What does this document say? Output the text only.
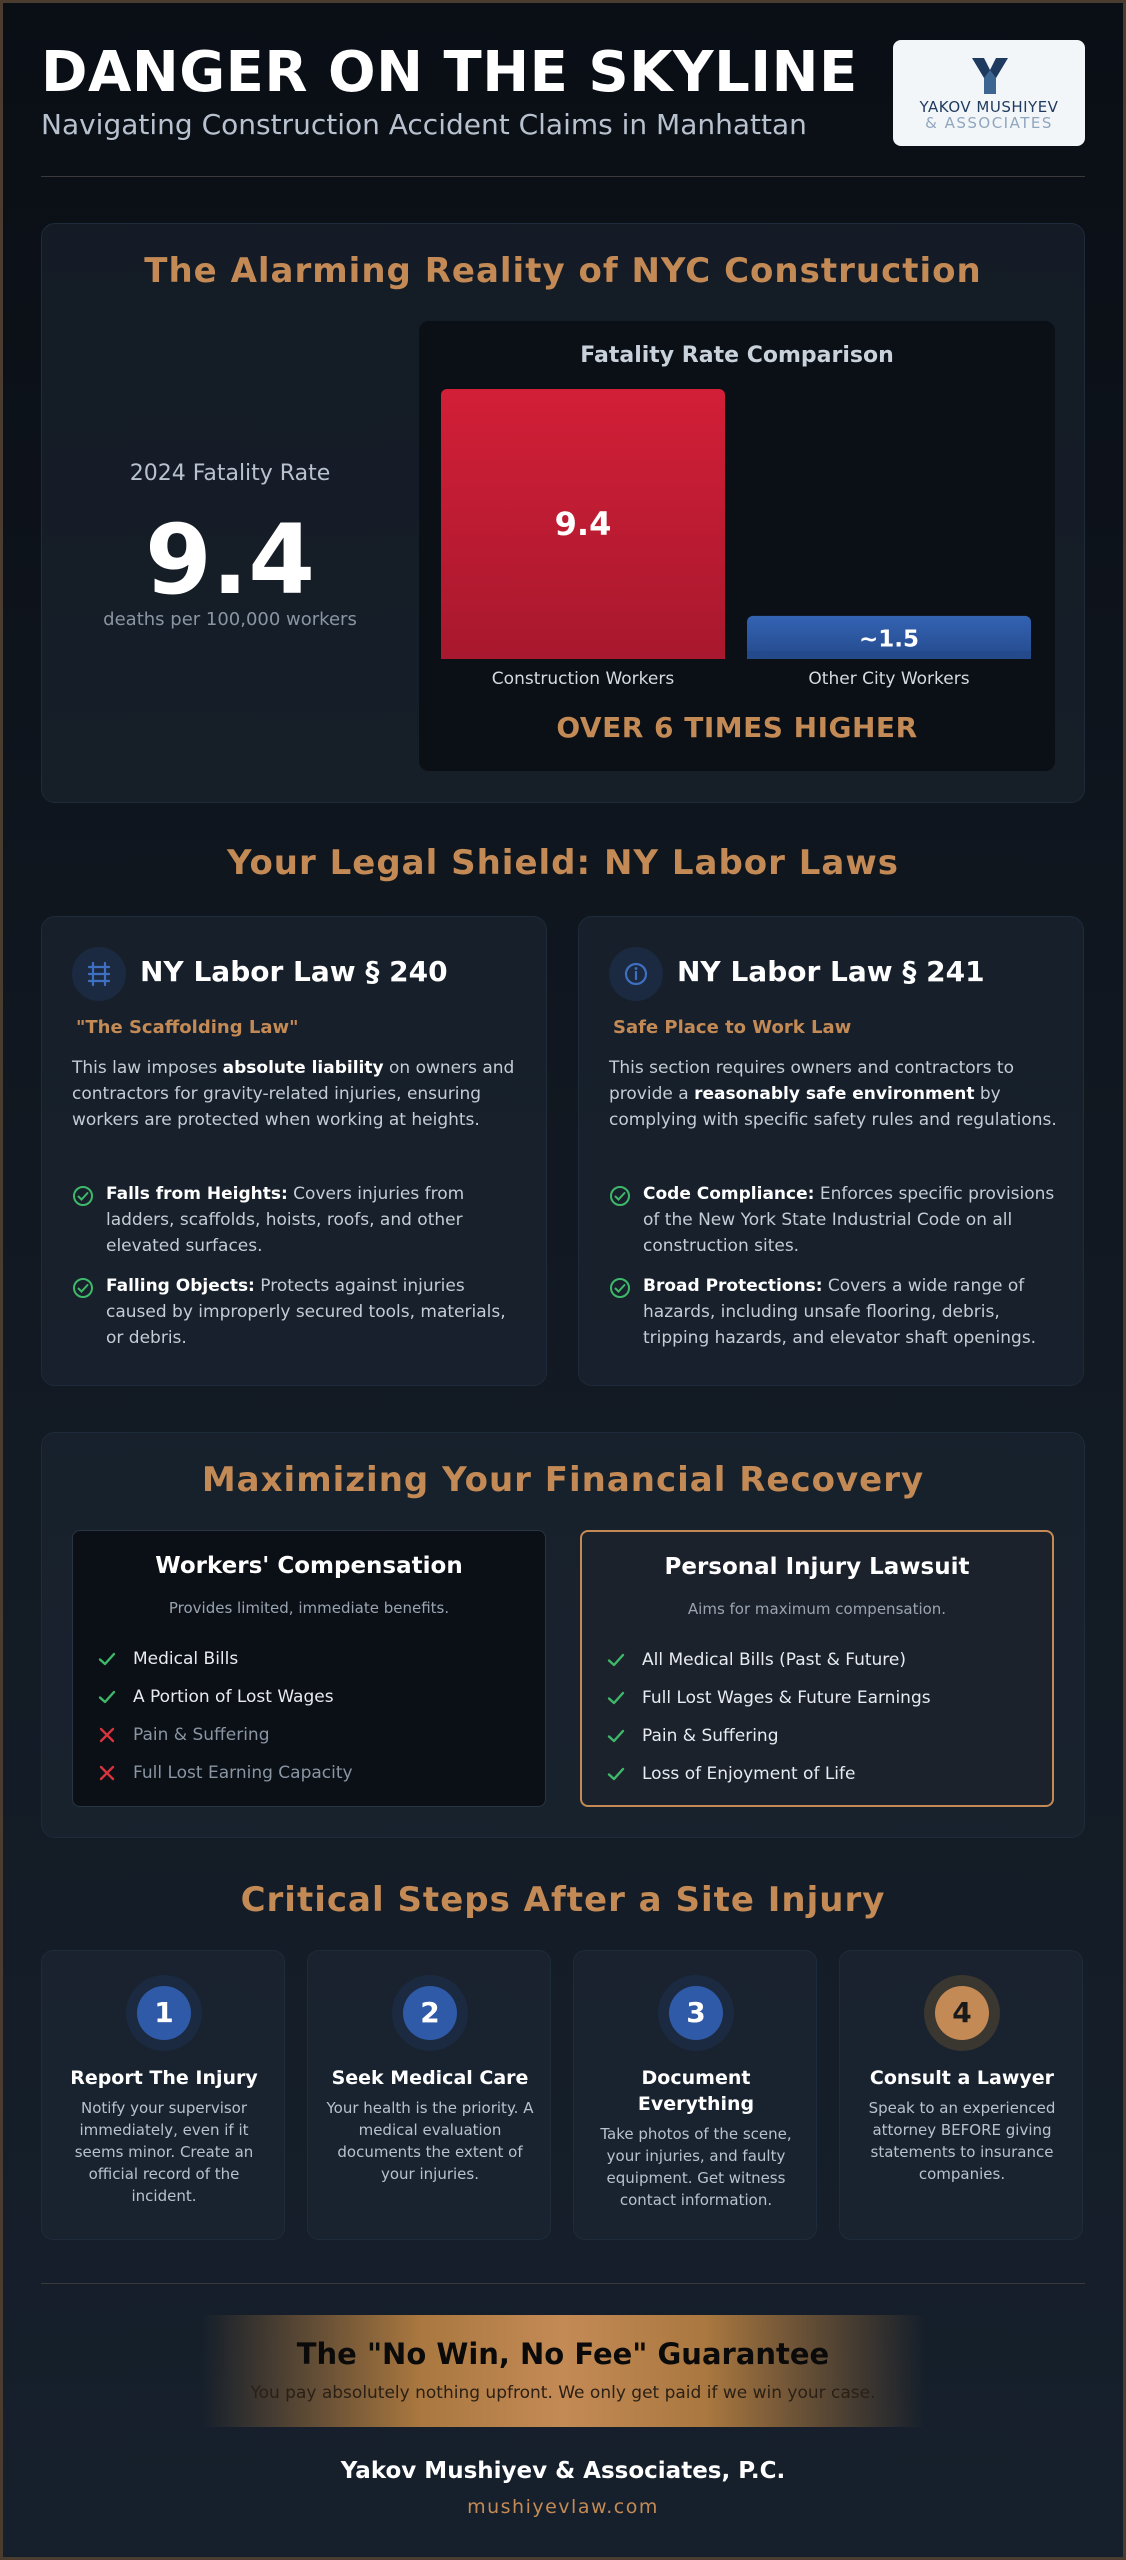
DANGER ON THE SKYLINE
Navigating Construction Accident Claims in Manhattan
YAKOV MUSHIYEV
& ASSOCIATES
The Alarming Reality of NYC Construction
2024 Fatality Rate
9.4
deaths per 100,000 workers
Fatality Rate Comparison
9.4
Construction Workers
~1.5
Other City Workers
OVER 6 TIMES HIGHER
Your Legal Shield: NY Labor Laws
NY Labor Law § 240
"The Scaffolding Law"
This law imposes absolute liability on owners and contractors for gravity-related injuries, ensuring workers are protected when working at heights.
Falls from Heights: Covers injuries from ladders, scaffolds, hoists, roofs, and other elevated surfaces.
Falling Objects: Protects against injuries caused by improperly secured tools, materials, or debris.
NY Labor Law § 241
Safe Place to Work Law
This section requires owners and contractors to provide a reasonably safe environment by complying with specific safety rules and regulations.
Code Compliance: Enforces specific provisions of the New York State Industrial Code on all construction sites.
Broad Protections: Covers a wide range of hazards, including unsafe flooring, debris, tripping hazards, and elevator shaft openings.
Maximizing Your Financial Recovery
Workers' Compensation
Provides limited, immediate benefits.
Medical Bills
A Portion of Lost Wages
Pain & Suffering
Full Lost Earning Capacity
Personal Injury Lawsuit
Aims for maximum compensation.
All Medical Bills (Past & Future)
Full Lost Wages & Future Earnings
Pain & Suffering
Loss of Enjoyment of Life
Critical Steps After a Site Injury
1
Report The Injury
Notify your supervisor immediately, even if it seems minor. Create an official record of the incident.
2
Seek Medical Care
Your health is the priority. A medical evaluation documents the extent of your injuries.
3
Document Everything
Take photos of the scene, your injuries, and faulty equipment. Get witness contact information.
4
Consult a Lawyer
Speak to an experienced attorney BEFORE giving statements to insurance companies.
The "No Win, No Fee" Guarantee
You pay absolutely nothing upfront. We only get paid if we win your case.
Yakov Mushiyev & Associates, P.C.
mushiyevlaw.com
